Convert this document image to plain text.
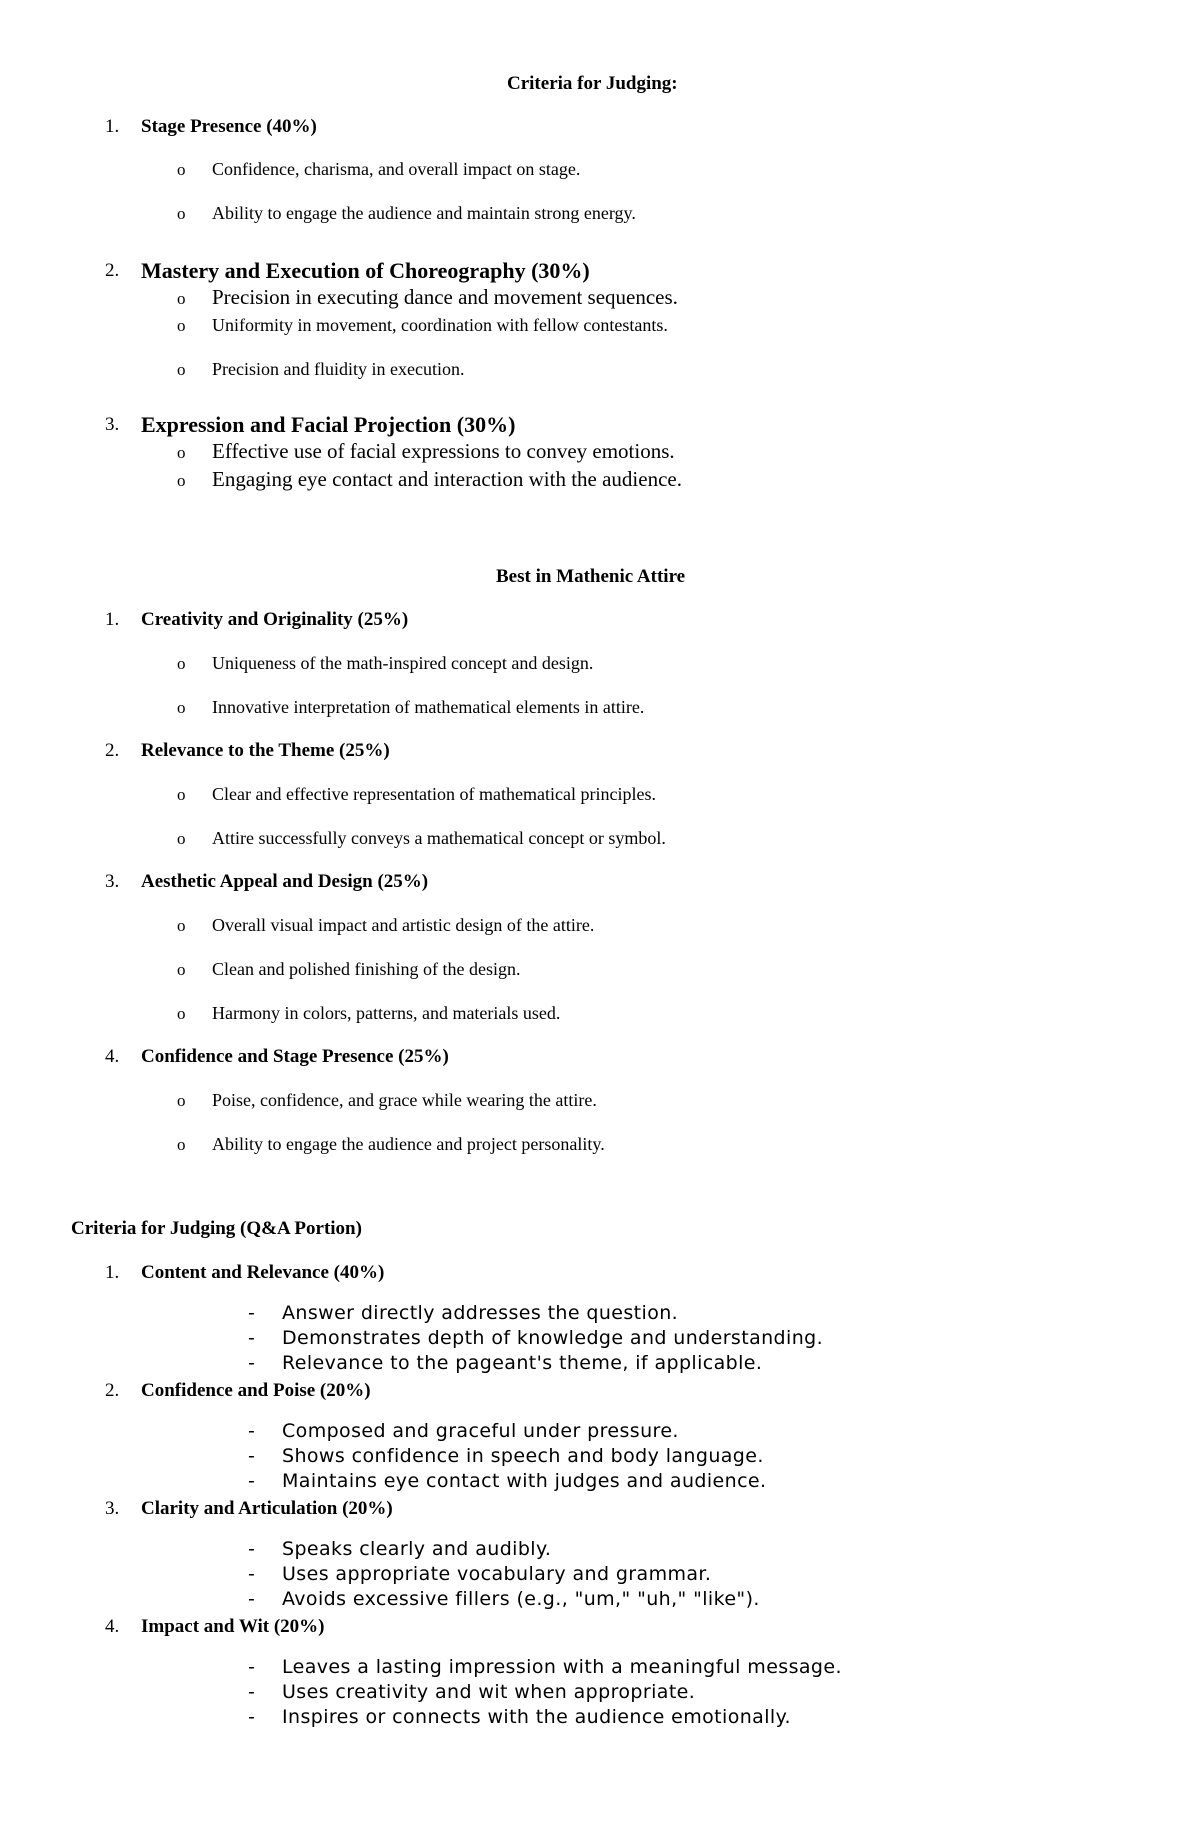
Criteria for Judging:
1. Stage Presence (40%)
o Confidence, charisma, and overall impact on stage.
o Ability to engage the audience and maintain strong energy.
2. Mastery and Execution of Choreography (30%)
o Precision in executing dance and movement sequences.
o Uniformity in movement, coordination with fellow contestants.
o Precision and fluidity in execution.
3. Expression and Facial Projection (30%)
o Effective use of facial expressions to convey emotions.
o Engaging eye contact and interaction with the audience.
Best in Mathenic Attire
1. Creativity and Originality (25%)
o Uniqueness of the math-inspired concept and design.
o Innovative interpretation of mathematical elements in attire.
2. Relevance to the Theme (25%)
o Clear and effective representation of mathematical principles.
o Attire successfully conveys a mathematical concept or symbol.
3. Aesthetic Appeal and Design (25%)
o Overall visual impact and artistic design of the attire.
o Clean and polished finishing of the design.
o Harmony in colors, patterns, and materials used.
4. Confidence and Stage Presence (25%)
o Poise, confidence, and grace while wearing the attire.
o Ability to engage the audience and project personality.
Criteria for Judging (Q&A Portion)
1. Content and Relevance (40%)
- Answer directly addresses the question.
- Demonstrates depth of knowledge and understanding.
- Relevance to the pageant's theme, if applicable.
2. Confidence and Poise (20%)
- Composed and graceful under pressure.
- Shows confidence in speech and body language.
- Maintains eye contact with judges and audience.
3. Clarity and Articulation (20%)
- Speaks clearly and audibly.
- Uses appropriate vocabulary and grammar.
- Avoids excessive fillers (e.g., "um," "uh," "like").
4. Impact and Wit (20%)
- Leaves a lasting impression with a meaningful message.
- Uses creativity and wit when appropriate.
- Inspires or connects with the audience emotionally.
